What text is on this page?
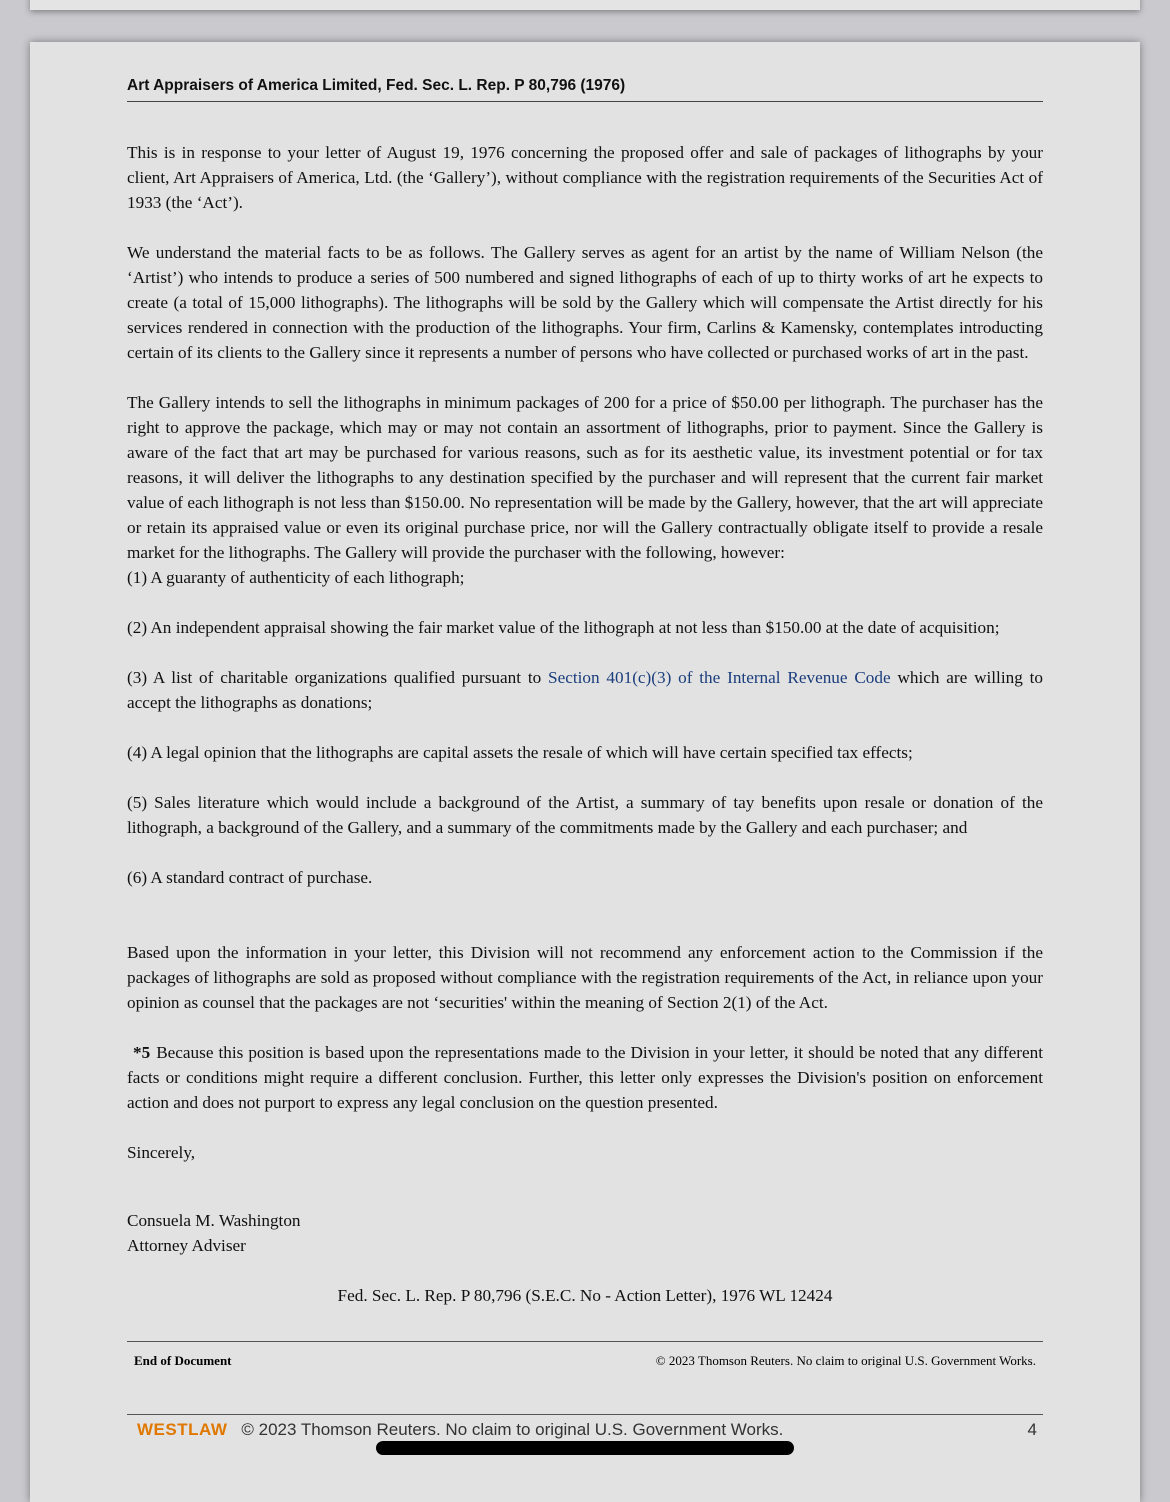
Art Appraisers of America Limited, Fed. Sec. L. Rep. P 80,796 (1976)

This is in response to your letter of August 19, 1976 concerning the proposed offer and sale of packages of lithographs by your client, Art Appraisers of America, Ltd. (the ‘Gallery’), without compliance with the registration requirements of the Securities Act of 1933 (the ‘Act’).

We understand the material facts to be as follows. The Gallery serves as agent for an artist by the name of William Nelson (the ‘Artist’) who intends to produce a series of 500 numbered and signed lithographs of each of up to thirty works of art he expects to create (a total of 15,000 lithographs). The lithographs will be sold by the Gallery which will compensate the Artist directly for his services rendered in connection with the production of the lithographs. Your firm, Carlins & Kamensky, contemplates introducting certain of its clients to the Gallery since it represents a number of persons who have collected or purchased works of art in the past.

The Gallery intends to sell the lithographs in minimum packages of 200 for a price of $50.00 per lithograph. The purchaser has the right to approve the package, which may or may not contain an assortment of lithographs, prior to payment. Since the Gallery is aware of the fact that art may be purchased for various reasons, such as for its aesthetic value, its investment potential or for tax reasons, it will deliver the lithographs to any destination specified by the purchaser and will represent that the current fair market value of each lithograph is not less than $150.00. No representation will be made by the Gallery, however, that the art will appreciate or retain its appraised value or even its original purchase price, nor will the Gallery contractually obligate itself to provide a resale market for the lithographs. The Gallery will provide the purchaser with the following, however:

(1) A guaranty of authenticity of each lithograph;

(2) An independent appraisal showing the fair market value of the lithograph at not less than $150.00 at the date of acquisition;

(3) A list of charitable organizations qualified pursuant to Section 401(c)(3) of the Internal Revenue Code which are willing to accept the lithographs as donations;

(4) A legal opinion that the lithographs are capital assets the resale of which will have certain specified tax effects;

(5) Sales literature which would include a background of the Artist, a summary of tay benefits upon resale or donation of the lithograph, a background of the Gallery, and a summary of the commitments made by the Gallery and each purchaser; and

(6) A standard contract of purchase.

Based upon the information in your letter, this Division will not recommend any enforcement action to the Commission if the packages of lithographs are sold as proposed without compliance with the registration requirements of the Act, in reliance upon your opinion as counsel that the packages are not ‘securities' within the meaning of Section 2(1) of the Act.

*5 Because this position is based upon the representations made to the Division in your letter, it should be noted that any different facts or conditions might require a different conclusion. Further, this letter only expresses the Division's position on enforcement action and does not purport to express any legal conclusion on the question presented.

Sincerely,

Consuela M. Washington

Attorney Adviser

Fed. Sec. L. Rep. P 80,796 (S.E.C. No - Action Letter), 1976 WL 12424

End of Document	© 2023 Thomson Reuters. No claim to original U.S. Government Works.
WESTLAW © 2023 Thomson Reuters. No claim to original U.S. Government Works.	4
